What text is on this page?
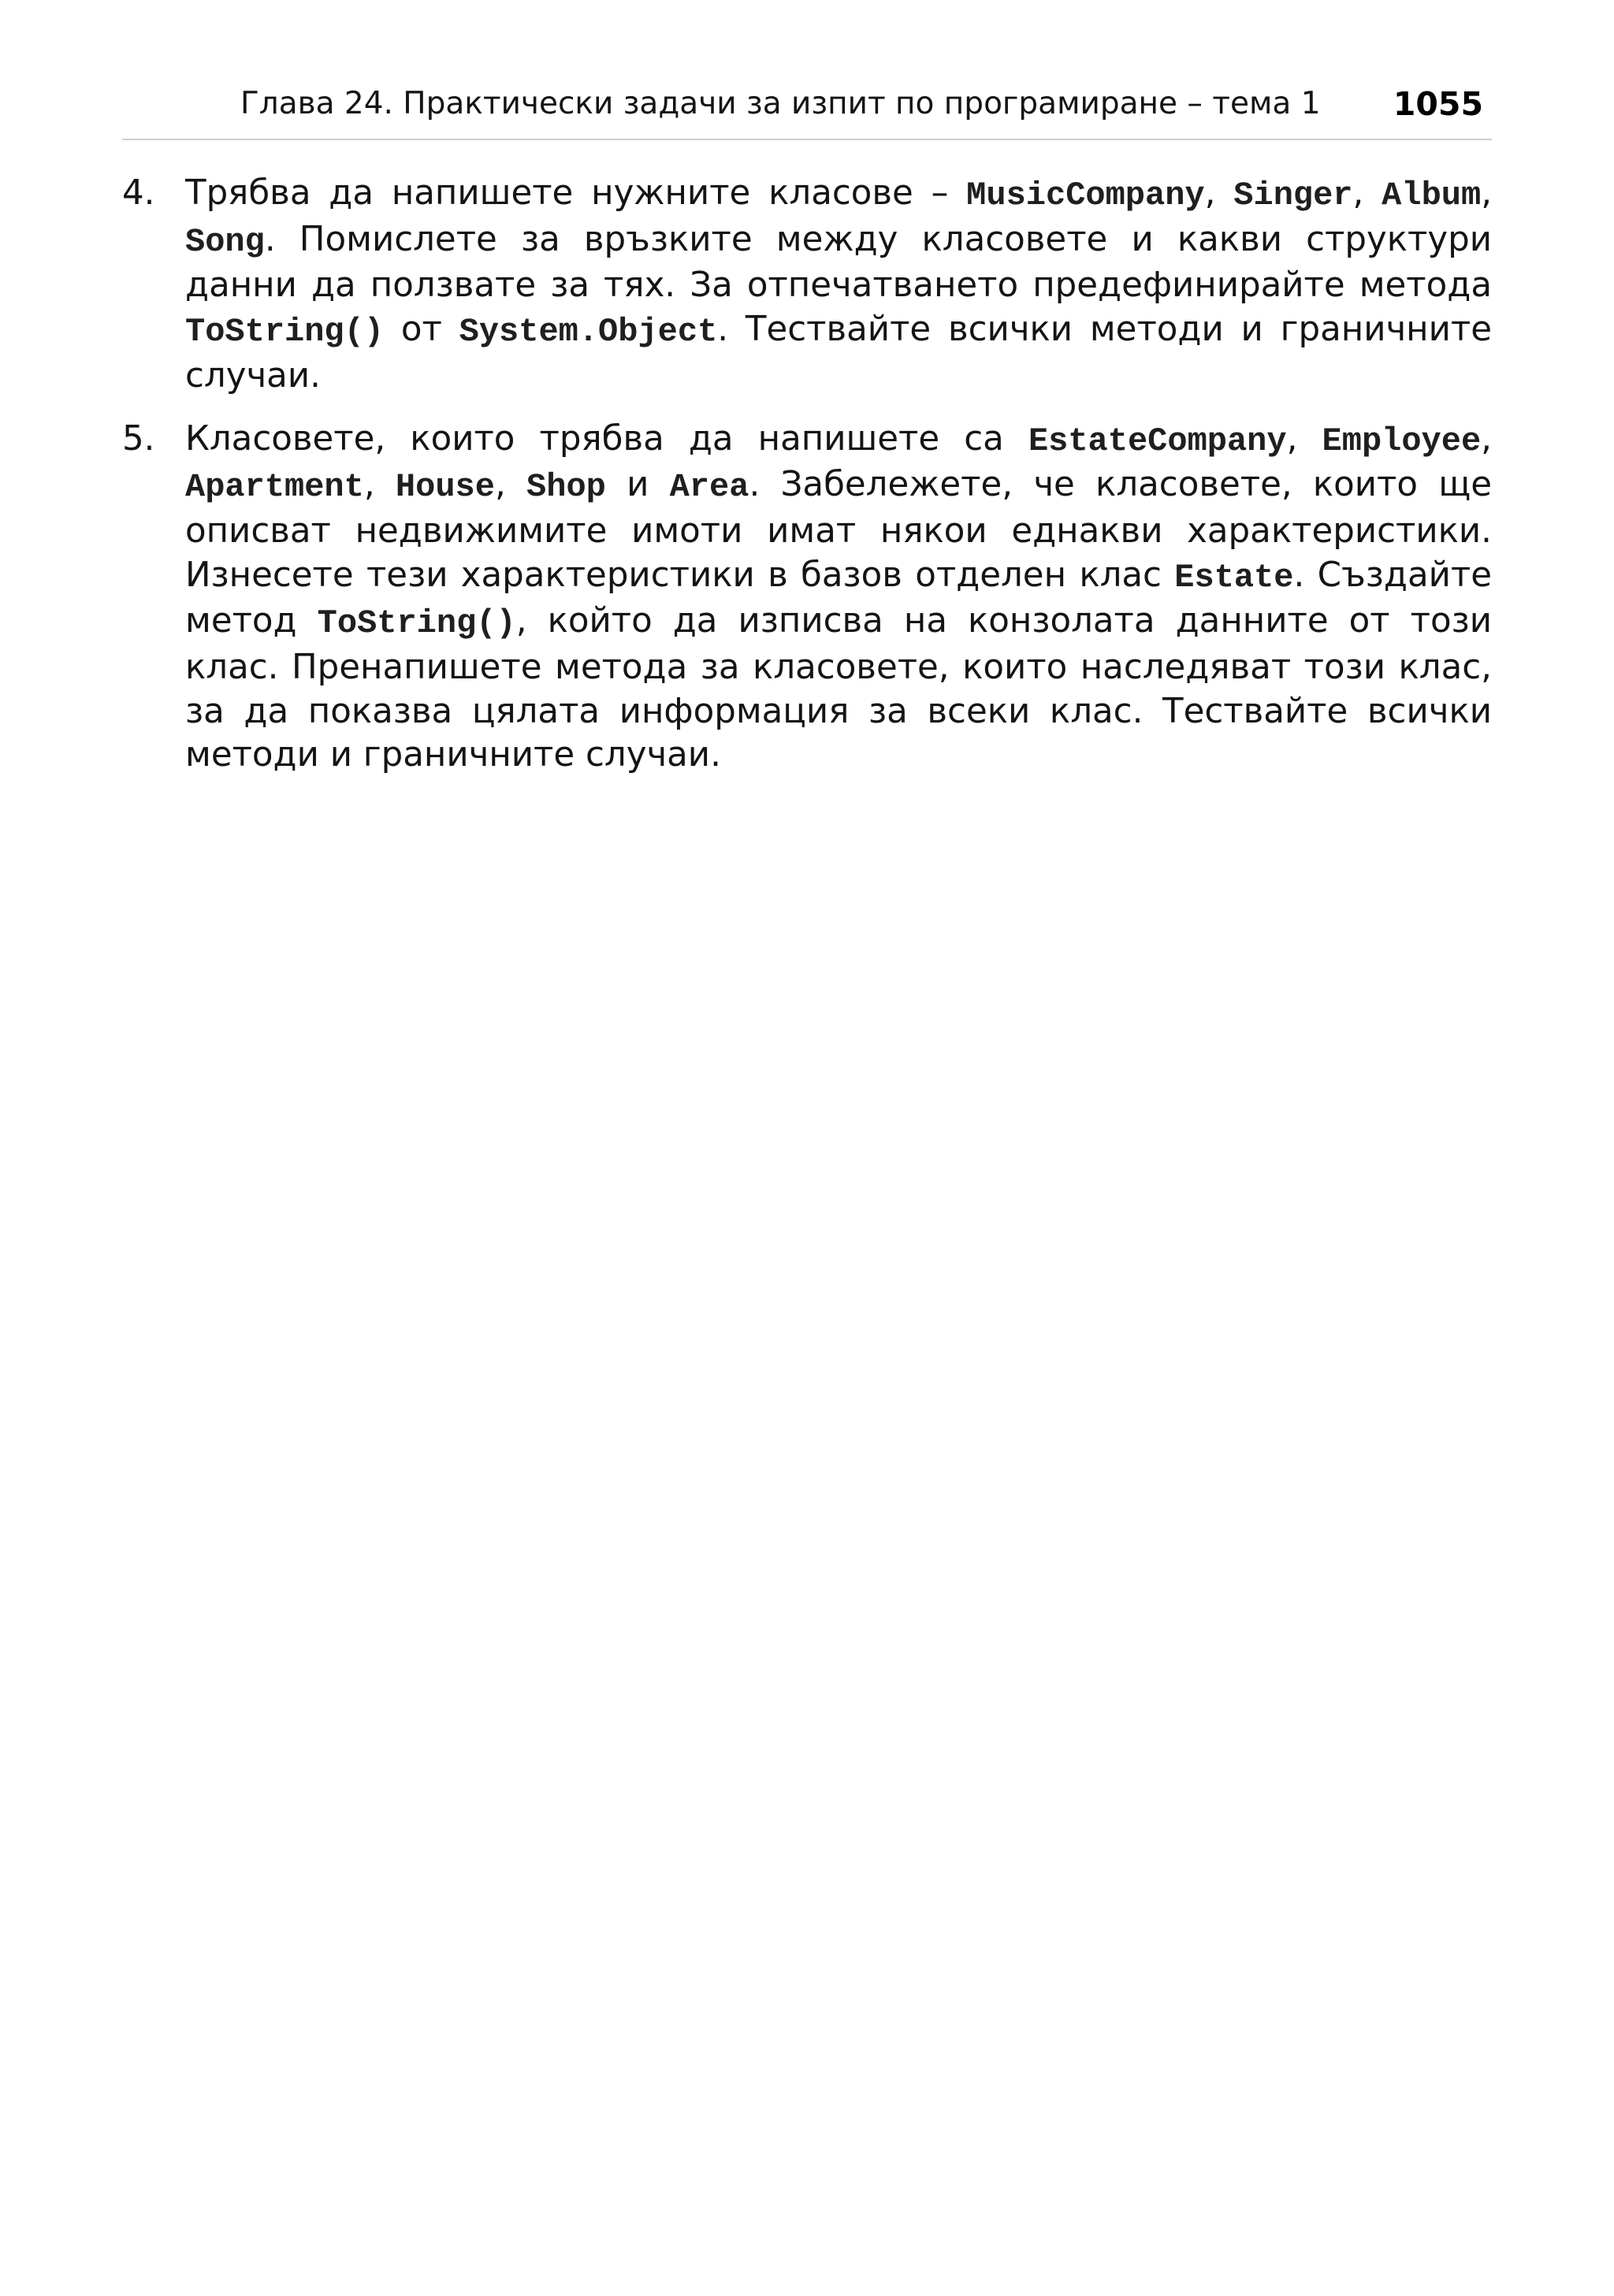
Глава 24. Практически задачи за изпит по програмиране – тема 1 1055
4. Трябва да напишете нужните класове – MusicCompany, Singer, Album, Song. Помислете за връзките между класовете и какви структури данни да ползвате за тях. За отпечатването предефинирайте метода ToString() от System.Object. Тествайте всички методи и граничните случаи.
5. Класовете, които трябва да напишете са EstateCompany, Employee, Apartment, House, Shop и Area. Забележете, че класовете, които ще описват недвижимите имоти имат някои еднакви характеристики. Изнесете тези характеристики в базов отделен клас Estate. Създайте метод ToString(), който да изписва на конзолата данните от този клас. Пренапишете метода за класовете, които наследяват този клас, за да показва цялата информация за всеки клас. Тествайте всички методи и граничните случаи.
